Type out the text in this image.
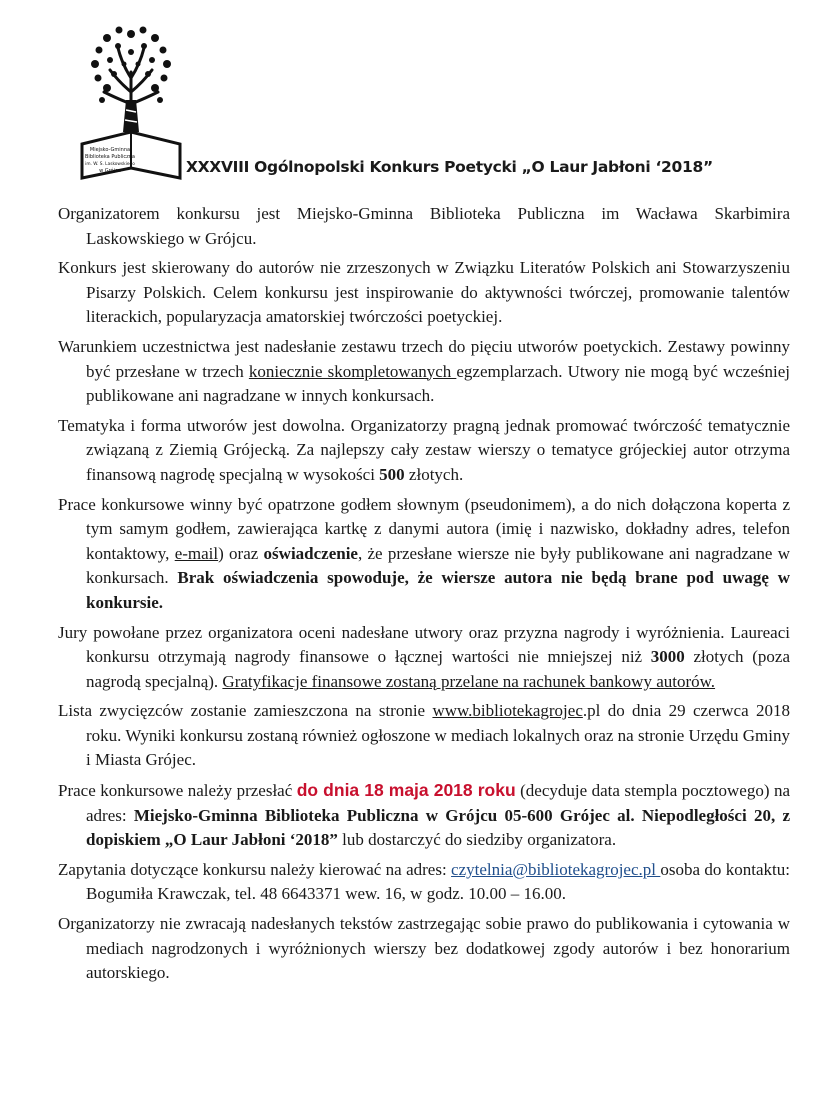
Miejsko-Gminna
Biblioteka Publiczna
im. W. S. Laskowskiego
w Grójcu	XXXVIII Ogólnopolski Konkurs Poetycki „O Laur Jabłoni ‘2018”

Organizatorem konkursu jest Miejsko-Gminna Biblioteka Publiczna im Wacława Skarbimira Laskowskiego w Grójcu.

Konkurs jest skierowany do autorów nie zrzeszonych w Związku Literatów Polskich ani Stowarzyszeniu Pisarzy Polskich. Celem konkursu jest inspirowanie do aktywności twórczej, promowanie talentów literackich, popularyzacja amatorskiej twórczości poetyckiej.

Warunkiem uczestnictwa jest nadesłanie zestawu trzech do pięciu utworów poetyckich. Zestawy powinny być przesłane w trzech koniecznie skompletowanych egzemplarzach. Utwory nie mogą być wcześniej publikowane ani nagradzane w innych konkursach.

Tematyka i forma utworów jest dowolna. Organizatorzy pragną jednak promować twórczość tematycznie związaną z Ziemią Grójecką. Za najlepszy cały zestaw wierszy o tematyce grójeckiej autor otrzyma finansową nagrodę specjalną w wysokości 500 złotych.

Prace konkursowe winny być opatrzone godłem słownym (pseudonimem), a do nich dołączona koperta z tym samym godłem, zawierająca kartkę z danymi autora (imię i nazwisko, dokładny adres, telefon kontaktowy, e-mail) oraz oświadczenie, że przesłane wiersze nie były publikowane ani nagradzane w konkursach. Brak oświadczenia spowoduje, że wiersze autora nie będą brane pod uwagę w konkursie.

Jury powołane przez organizatora oceni nadesłane utwory oraz przyzna nagrody i wyróżnienia. Laureaci konkursu otrzymają nagrody finansowe o łącznej wartości nie mniejszej niż 3000 złotych (poza nagrodą specjalną). Gratyfikacje finansowe zostaną przelane na rachunek bankowy autorów.

Lista zwycięzców zostanie zamieszczona na stronie www.bibliotekagrojec.pl do dnia 29 czerwca 2018 roku. Wyniki konkursu zostaną również ogłoszone w mediach lokalnych oraz na stronie Urzędu Gminy i Miasta Grójec.

Prace konkursowe należy przesłać do dnia 18 maja 2018 roku (decyduje data stempla pocztowego) na adres: Miejsko-Gminna Biblioteka Publiczna w Grójcu 05-600 Grójec al. Niepodległości 20, z dopiskiem „O Laur Jabłoni ‘2018” lub dostarczyć do siedziby organizatora.

Zapytania dotyczące konkursu należy kierować na adres: czytelnia@bibliotekagrojec.pl osoba do kontaktu: Bogumiła Krawczak, tel. 48 6643371 wew. 16, w godz. 10.00 – 16.00.

Organizatorzy nie zwracają nadesłanych tekstów zastrzegając sobie prawo do publikowania i cytowania w mediach nagrodzonych i wyróżnionych wierszy bez dodatkowej zgody autorów i bez honorarium autorskiego.
